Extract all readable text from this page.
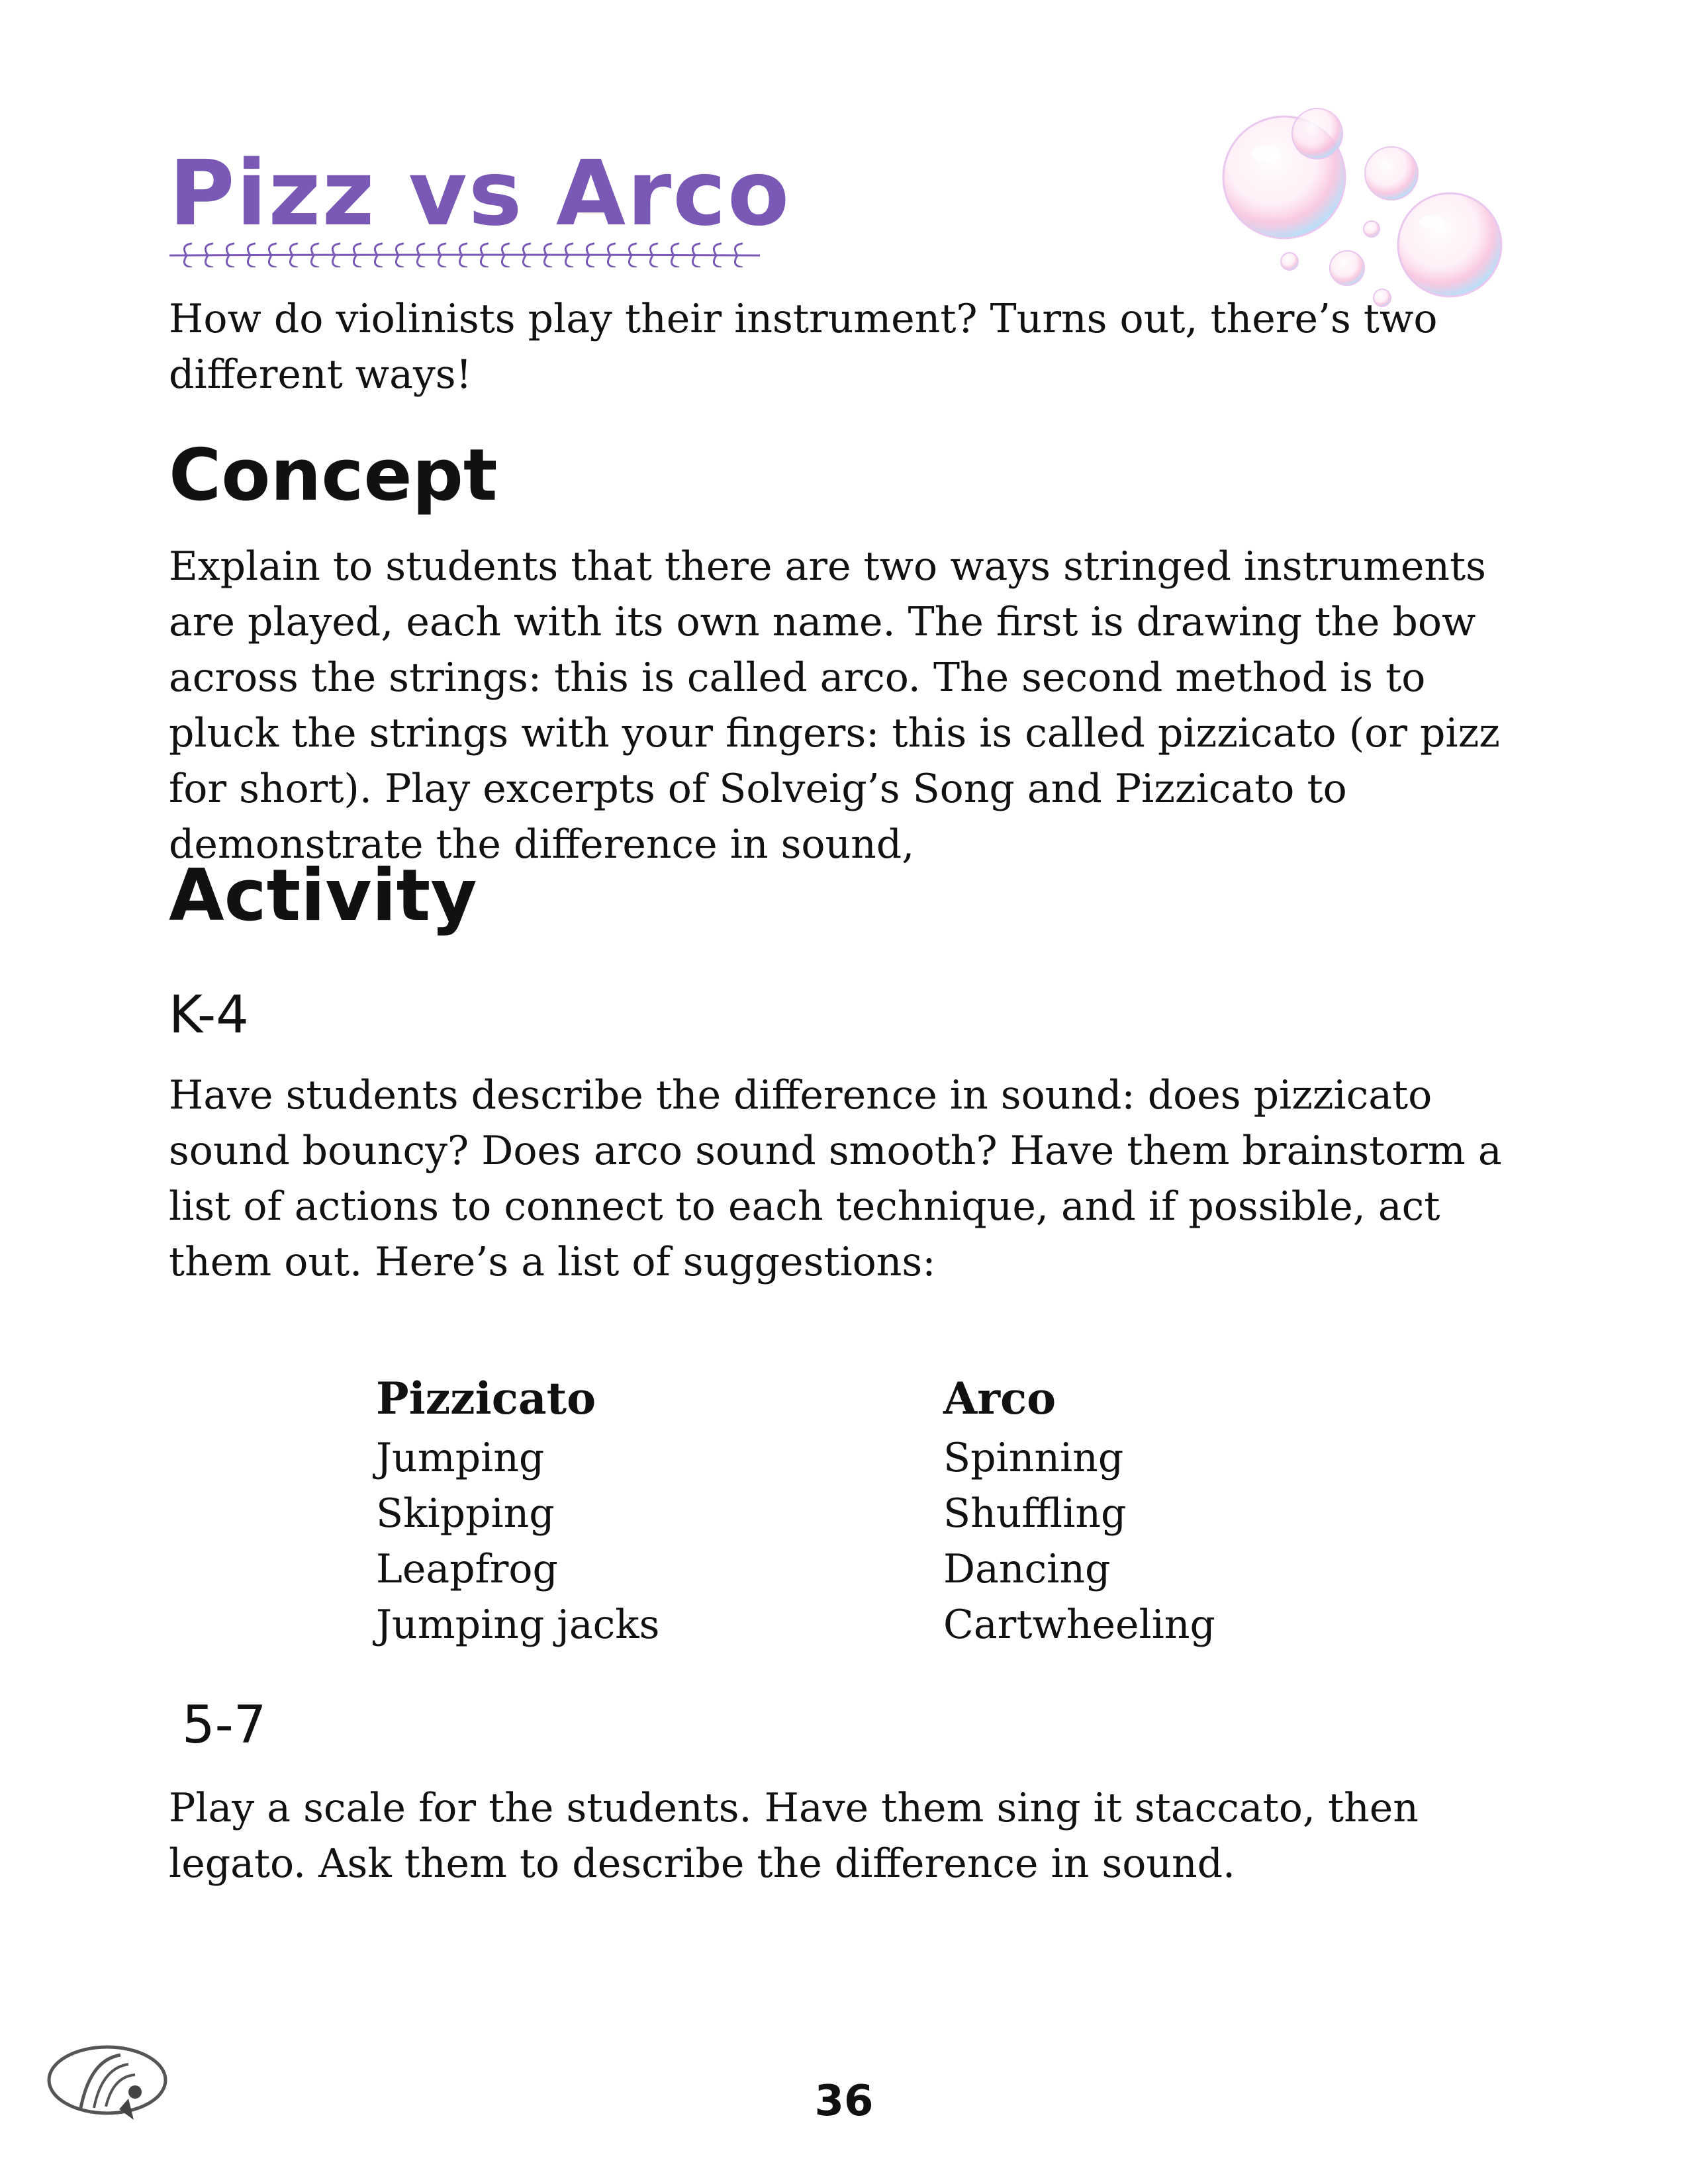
Pizz vs Arco

How do violinists play their instrument? Turns out, there’s two different ways!

Concept

Explain to students that there are two ways stringed instruments are played, each with its own name. The first is drawing the bow across the strings: this is called arco. The second method is to pluck the strings with your fingers: this is called pizzicato (or pizz for short). Play excerpts of Solveig’s Song and Pizzicato to demonstrate the difference in sound,

Activity
K-4

Have students describe the difference in sound: does pizzicato sound bouncy? Does arco sound smooth? Have them brainstorm a list of actions to connect to each technique, and if possible, act them out. Here’s a list of suggestions:

Pizzicato
Jumping
Skipping
Leapfrog
Jumping jacks
Arco
Spinning
Shuffling
Dancing
Cartwheeling
5-7

Play a scale for the students. Have them sing it staccato, then legato. Ask them to describe the difference in sound.

36
